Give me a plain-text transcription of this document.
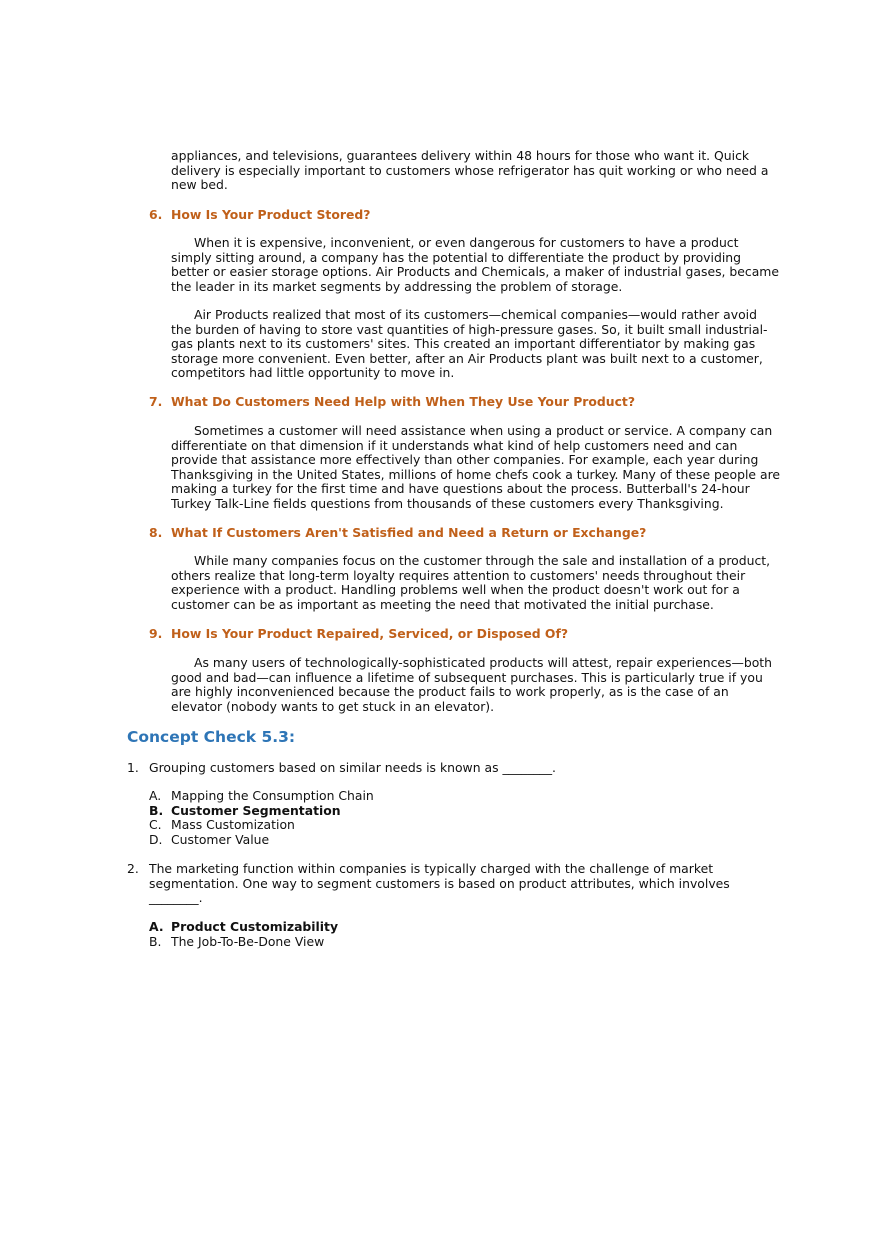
appliances, and televisions, guarantees delivery within 48 hours for those who want it. Quick delivery is especially important to customers whose refrigerator has quit working or who need a new bed.

6. How Is Your Product Stored?

When it is expensive, inconvenient, or even dangerous for customers to have a product simply sitting around, a company has the potential to differentiate the product by providing better or easier storage options. Air Products and Chemicals, a maker of industrial gases, became the leader in its market segments by addressing the problem of storage.

Air Products realized that most of its customers—chemical companies—would rather avoid the burden of having to store vast quantities of high-pressure gases. So, it built small industrial-gas plants next to its customers' sites. This created an important differentiator by making gas storage more convenient. Even better, after an Air Products plant was built next to a customer, competitors had little opportunity to move in.

7. What Do Customers Need Help with When They Use Your Product?

Sometimes a customer will need assistance when using a product or service. A company can differentiate on that dimension if it understands what kind of help customers need and can provide that assistance more effectively than other companies. For example, each year during Thanksgiving in the United States, millions of home chefs cook a turkey. Many of these people are making a turkey for the first time and have questions about the process. Butterball's 24-hour Turkey Talk-Line fields questions from thousands of these customers every Thanksgiving.

8. What If Customers Aren't Satisfied and Need a Return or Exchange?

While many companies focus on the customer through the sale and installation of a product, others realize that long-term loyalty requires attention to customers' needs throughout their experience with a product. Handling problems well when the product doesn't work out for a customer can be as important as meeting the need that motivated the initial purchase.

9. How Is Your Product Repaired, Serviced, or Disposed Of?

As many users of technologically-sophisticated products will attest, repair experiences—both good and bad—can influence a lifetime of subsequent purchases. This is particularly true if you are highly inconvenienced because the product fails to work properly, as is the case of an elevator (nobody wants to get stuck in an elevator).

Concept Check 5.3:
1. Grouping customers based on similar needs is known as ________.
A. Mapping the Consumption Chain
B. Customer Segmentation
C. Mass Customization
D. Customer Value
2. The marketing function within companies is typically charged with the challenge of market segmentation. One way to segment customers is based on product attributes, which involves ________.
A. Product Customizability
B. The Job-To-Be-Done View
